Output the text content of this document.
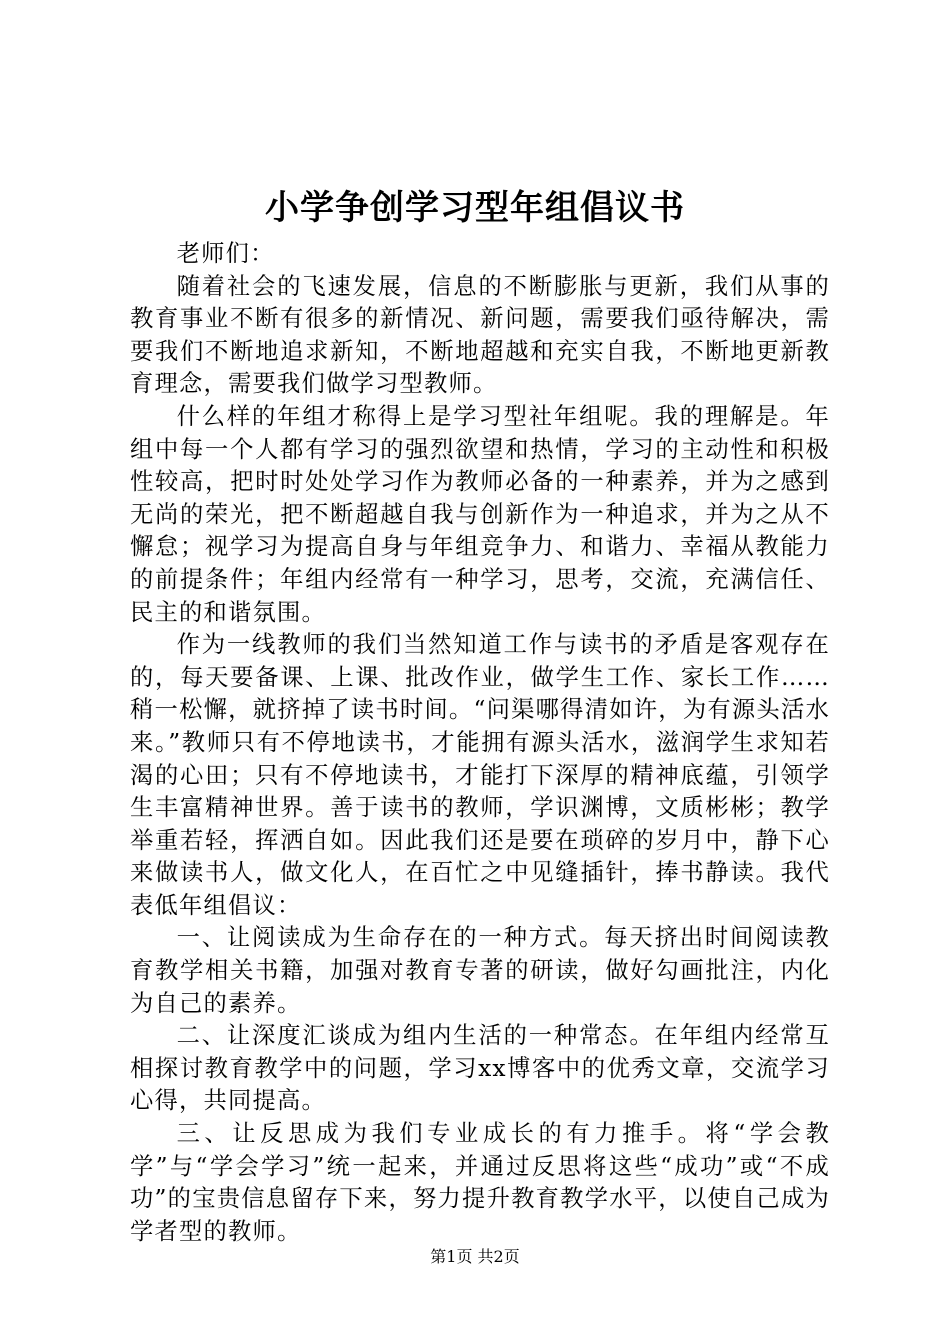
小学争创学习型年组倡议书

老师们：

随着社会的飞速发展，信息的不断膨胀与更新，我们从事的教育事业不断有很多的新情况、新问题，需要我们亟待解决，需要我们不断地追求新知，不断地超越和充实自我，不断地更新教育理念，需要我们做学习型教师。

什么样的年组才称得上是学习型社年组呢。我的理解是。年组中每一个人都有学习的强烈欲望和热情，学习的主动性和积极性较高，把时时处处学习作为教师必备的一种素养，并为之感到无尚的荣光，把不断超越自我与创新作为一种追求，并为之从不懈怠；视学习为提高自身与年组竞争力、和谐力、幸福从教能力的前提条件；年组内经常有一种学习，思考，交流，充满信任、民主的和谐氛围。

作为一线教师的我们当然知道工作与读书的矛盾是客观存在的，每天要备课、上课、批改作业，做学生工作、家长工作……稍一松懈，就挤掉了读书时间。“问渠哪得清如许，为有源头活水来。”教师只有不停地读书，才能拥有源头活水，滋润学生求知若渴的心田；只有不停地读书，才能打下深厚的精神底蕴，引领学生丰富精神世界。善于读书的教师，学识渊博，文质彬彬；教学举重若轻，挥洒自如。因此我们还是要在琐碎的岁月中，静下心来做读书人，做文化人，在百忙之中见缝插针，捧书静读。我代表低年组倡议：

一、让阅读成为生命存在的一种方式。每天挤出时间阅读教育教学相关书籍，加强对教育专著的研读，做好勾画批注，内化为自己的素养。

二、让深度汇谈成为组内生活的一种常态。在年组内经常互相探讨教育教学中的问题，学习xx博客中的优秀文章，交流学习心得，共同提高。

三、让反思成为我们专业成长的有力推手。将“学会教学”与“学会学习”统一起来，并通过反思将这些“成功”或“不成功”的宝贵信息留存下来，努力提升教育教学水平，以使自己成为学者型的教师。

第1页 共2页
